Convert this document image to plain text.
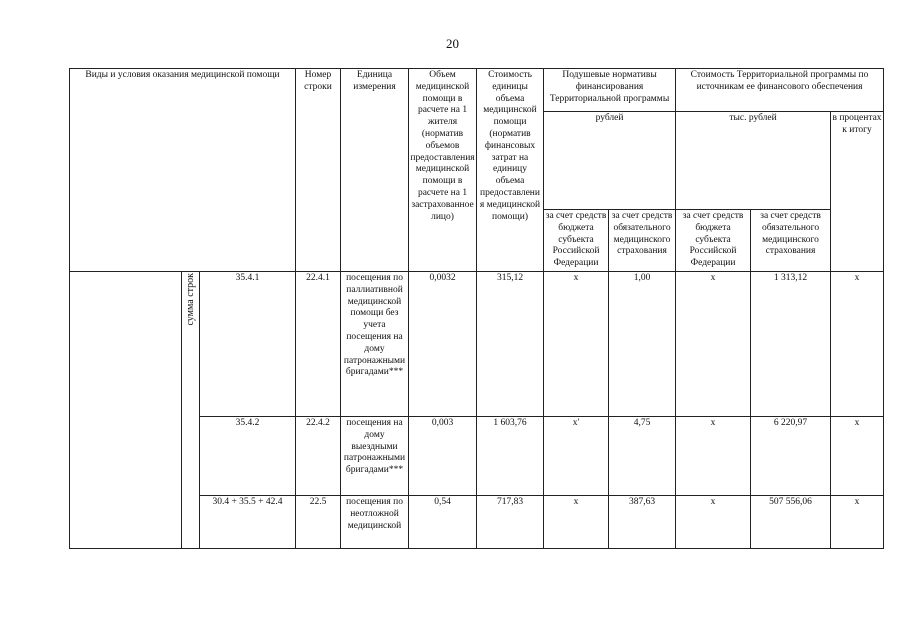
20
Виды и условия оказания медицинской помощи			Номер строки	Единица измерения	Объем медицинской помощи в расчете на 1 жителя (норматив объемов предоставления медицинской помощи в расчете на 1 застрахованное лицо)	Стоимость единицы объема медицинской помощи (норматив финансовых затрат на единицу объема предоставления медицинской помощи)	Подушевые нормативы финансирования Территориальной программы		Стоимость Территориальной программы по источникам ее финансового обеспечения		
							рублей		тыс. рублей		в процентах к итогу
							за счет средств бюджета субъекта Российской Федерации	за счет средств обязательного медицинского страхования	за счет средств бюджета субъекта Российской Федерации	за счет средств обязательного медицинского страхования	

	сумма строк	35.4.1	22.4.1	посещения по паллиативной медицинской помощи без учета посещения на дому патронажными бригадами***	0,0032	315,12	x	1,00	x	1 313,12	x
		35.4.2	22.4.2	посещения на дому выездными патронажными бригадами***	0,003	1 603,76	x'	4,75	x	6 220,97	x
		30.4 + 35.5 + 42.4	22.5	посещения по неотложной медицинской	0,54	717,83	x	387,63	x	507 556,06	x
